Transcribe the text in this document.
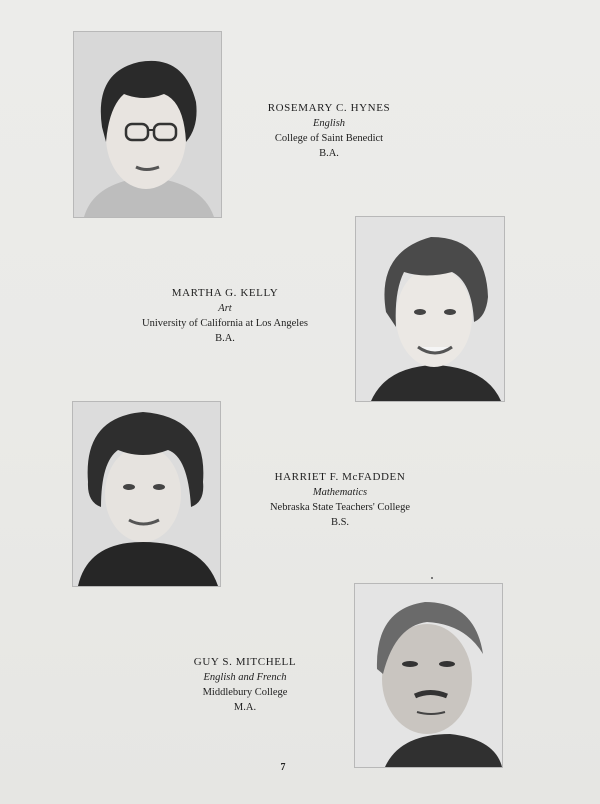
ROSEMARY C. HYNES
English
College of Saint Benedict
B.A.
MARTHA G. KELLY
Art
University of California at Los Angeles
B.A.
HARRIET F. McFADDEN
Mathematics
Nebraska State Teachers' College
B.S.
GUY S. MITCHELL
English and French
Middlebury College
M.A.
7
